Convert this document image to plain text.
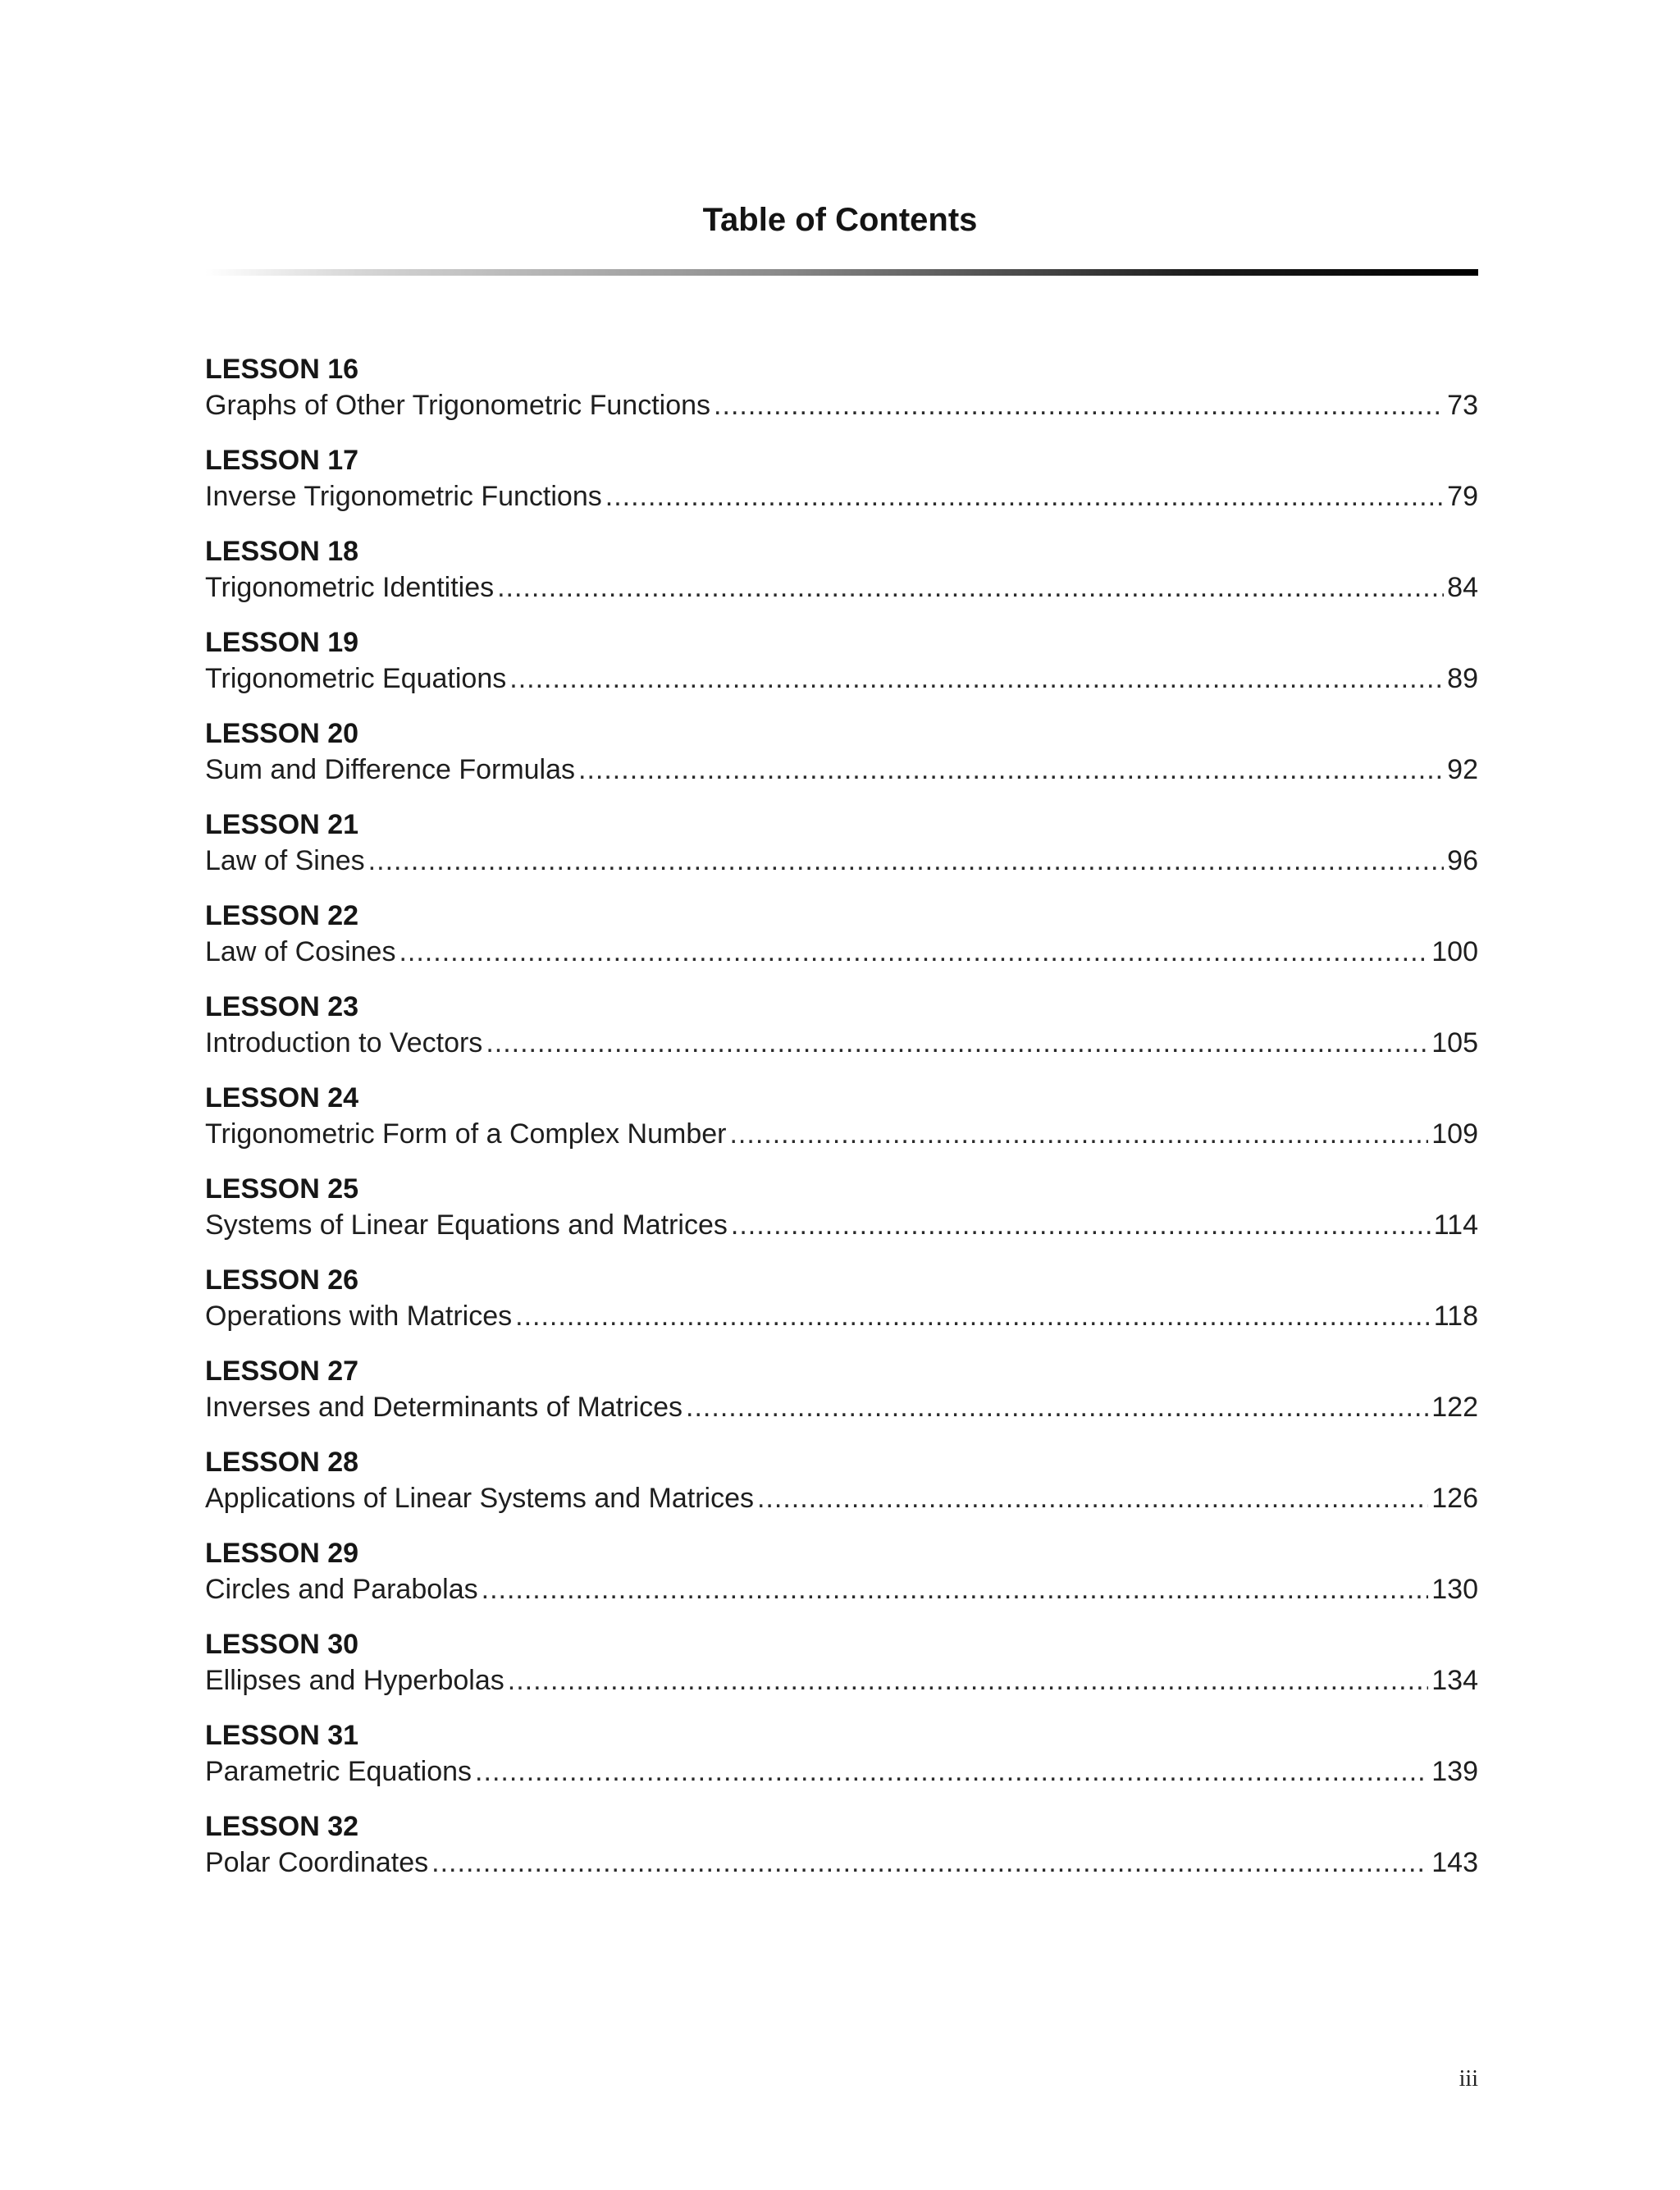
Table of Contents
LESSON 16
Graphs of Other Trigonometric Functions .....	73
LESSON 17
Inverse Trigonometric Functions .....	79
LESSON 18
Trigonometric Identities .....	84
LESSON 19
Trigonometric Equations .....	89
LESSON 20
Sum and Difference Formulas .....	92
LESSON 21
Law of Sines .....	96
LESSON 22
Law of Cosines .....	100
LESSON 23
Introduction to Vectors .....	105
LESSON 24
Trigonometric Form of a Complex Number .....	109
LESSON 25
Systems of Linear Equations and Matrices .....	114
LESSON 26
Operations with Matrices .....	118
LESSON 27
Inverses and Determinants of Matrices .....	122
LESSON 28
Applications of Linear Systems and Matrices .....	126
LESSON 29
Circles and Parabolas .....	130
LESSON 30
Ellipses and Hyperbolas .....	134
LESSON 31
Parametric Equations .....	139
LESSON 32
Polar Coordinates .....	143
iii
